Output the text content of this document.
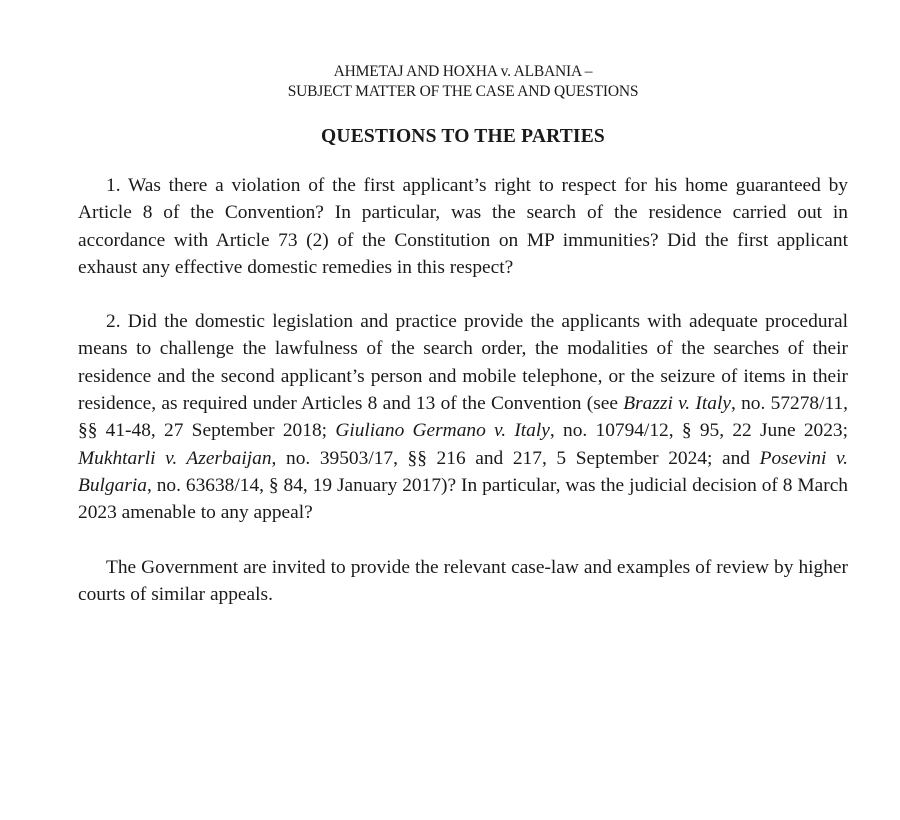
AHMETAJ AND HOXHA v. ALBANIA –
SUBJECT MATTER OF THE CASE AND QUESTIONS
QUESTIONS TO THE PARTIES

1. Was there a violation of the first applicant’s right to respect for his home guaranteed by Article 8 of the Convention? In particular, was the search of the residence carried out in accordance with Article 73 (2) of the Constitution on MP immunities? Did the first applicant exhaust any effective domestic remedies in this respect?

2. Did the domestic legislation and practice provide the applicants with adequate procedural means to challenge the lawfulness of the search order, the modalities of the searches of their residence and the second applicant’s person and mobile telephone, or the seizure of items in their residence, as required under Articles 8 and 13 of the Convention (see Brazzi v. Italy, no. 57278/11, §§ 41-48, 27 September 2018; Giuliano Germano v. Italy, no. 10794/12, § 95, 22 June 2023; Mukhtarli v. Azerbaijan, no. 39503/17, §§ 216 and 217, 5 September 2024; and Posevini v. Bulgaria, no. 63638/14, § 84, 19 January 2017)? In particular, was the judicial decision of 8 March 2023 amenable to any appeal?

The Government are invited to provide the relevant case-law and examples of review by higher courts of similar appeals.
